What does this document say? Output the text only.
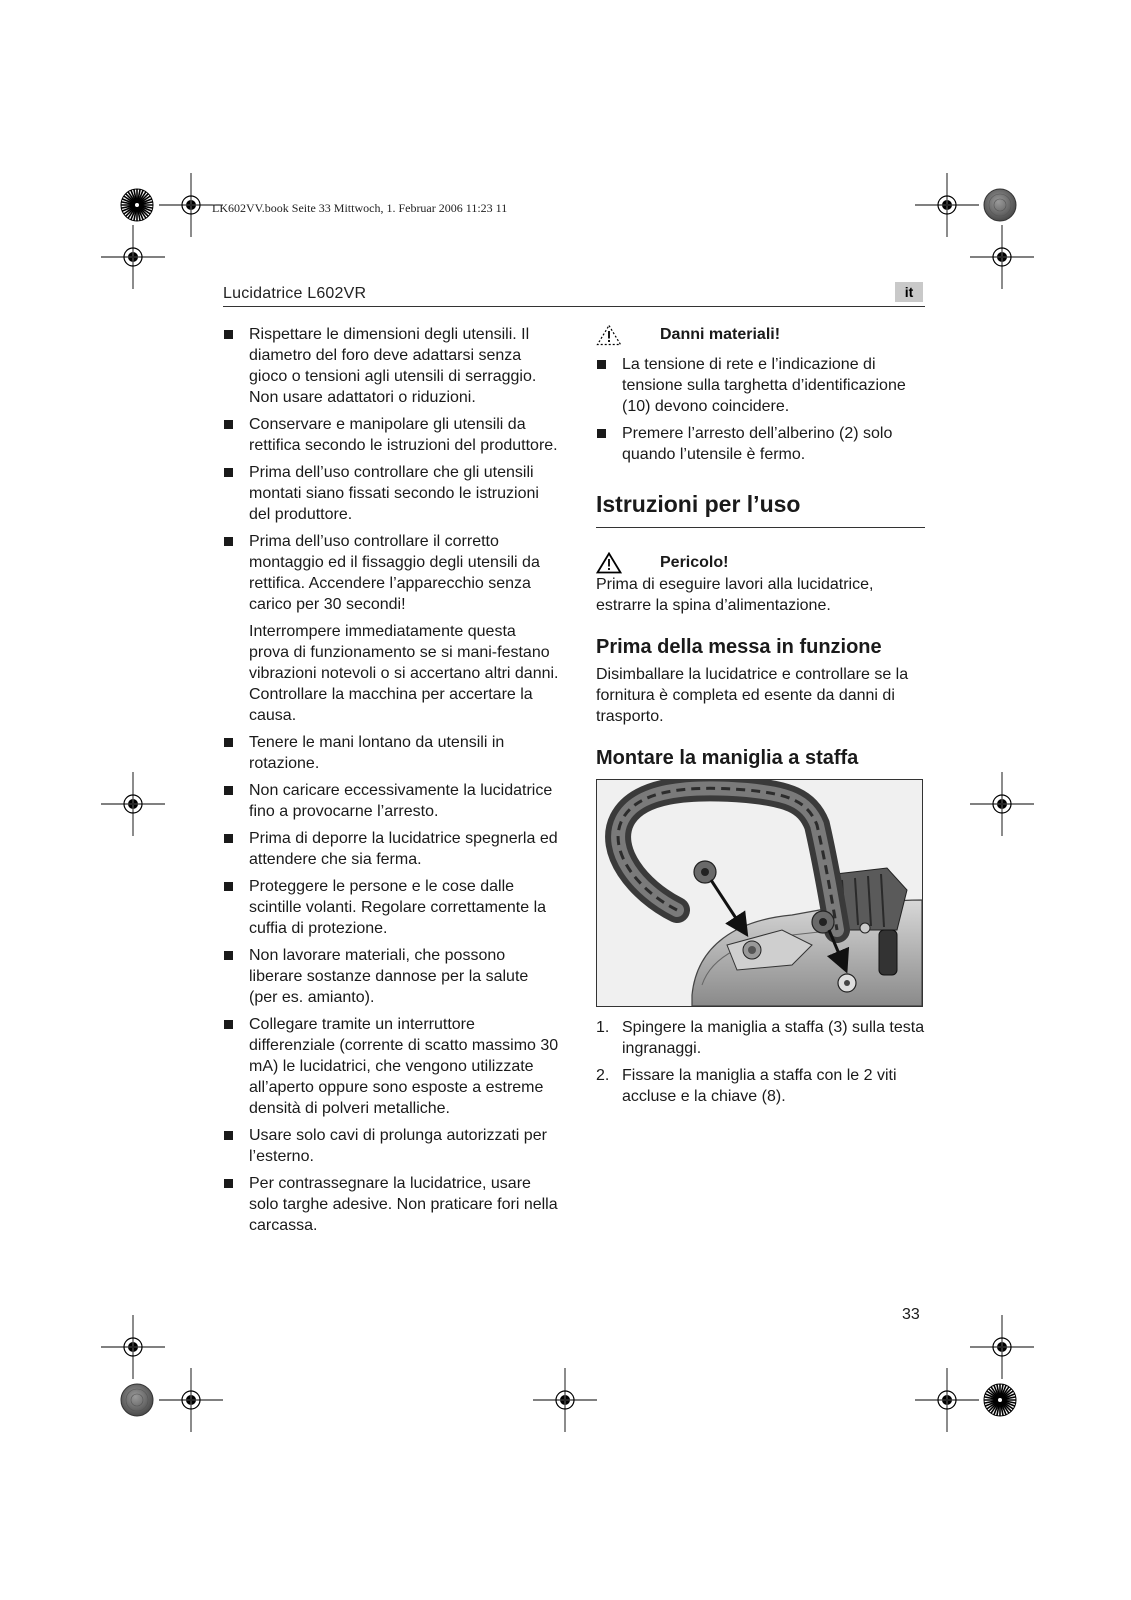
LK602VV.book Seite 33 Mittwoch, 1. Februar 2006 11:23 11
Lucidatrice L602VR	it
Rispettare le dimensioni degli utensili. Il diametro del foro deve adattarsi senza gioco o tensioni agli utensili di serraggio. Non usare adattatori o riduzioni.
Conservare e manipolare gli utensili da rettifica secondo le istruzioni del produttore.
Prima dell’uso controllare che gli utensili montati siano fissati secondo le istruzioni del produttore.
Prima dell’uso controllare il corretto montaggio ed il fissaggio degli utensili da rettifica. Accendere l’apparecchio senza carico per 30 secondi!
Interrompere immediatamente questa prova di funzionamento se si mani-festano vibrazioni notevoli o si accertano altri danni. Controllare la macchina per accertare la causa.
Tenere le mani lontano da utensili in rotazione.
Non caricare eccessivamente la lucidatrice fino a provocarne l’arresto.
Prima di deporre la lucidatrice spegnerla ed attendere che sia ferma.
Proteggere le persone e le cose dalle scintille volanti. Regolare correttamente la cuffia di protezione.
Non lavorare materiali, che possono liberare sostanze dannose per la salute (per es. amianto).
Collegare tramite un interruttore differenziale (corrente di scatto massimo 30 mA) le lucidatrici, che vengono utilizzate all’aperto oppure sono esposte a estreme densità di polveri metalliche.
Usare solo cavi di prolunga autorizzati per l’esterno.
Per contrassegnare la lucidatrice, usare solo targhe adesive. Non praticare fori nella carcassa.
Danni materiali!
La tensione di rete e l’indicazione di tensione sulla targhetta d’identificazione (10) devono coincidere.
Premere l’arresto dell’alberino (2) solo quando l’utensile è fermo.
Istruzioni per l’uso
Pericolo!

Prima di eseguire lavori alla lucidatrice, estrarre la spina d’alimentazione.

Prima della messa in funzione

Disimballare la lucidatrice e controllare se la fornitura è completa ed esente da danni di trasporto.

Montare la maniglia a staffa
1. Spingere la maniglia a staffa (3) sulla testa ingranaggi.
2. Fissare la maniglia a staffa con le 2 viti accluse e la chiave (8).
33
